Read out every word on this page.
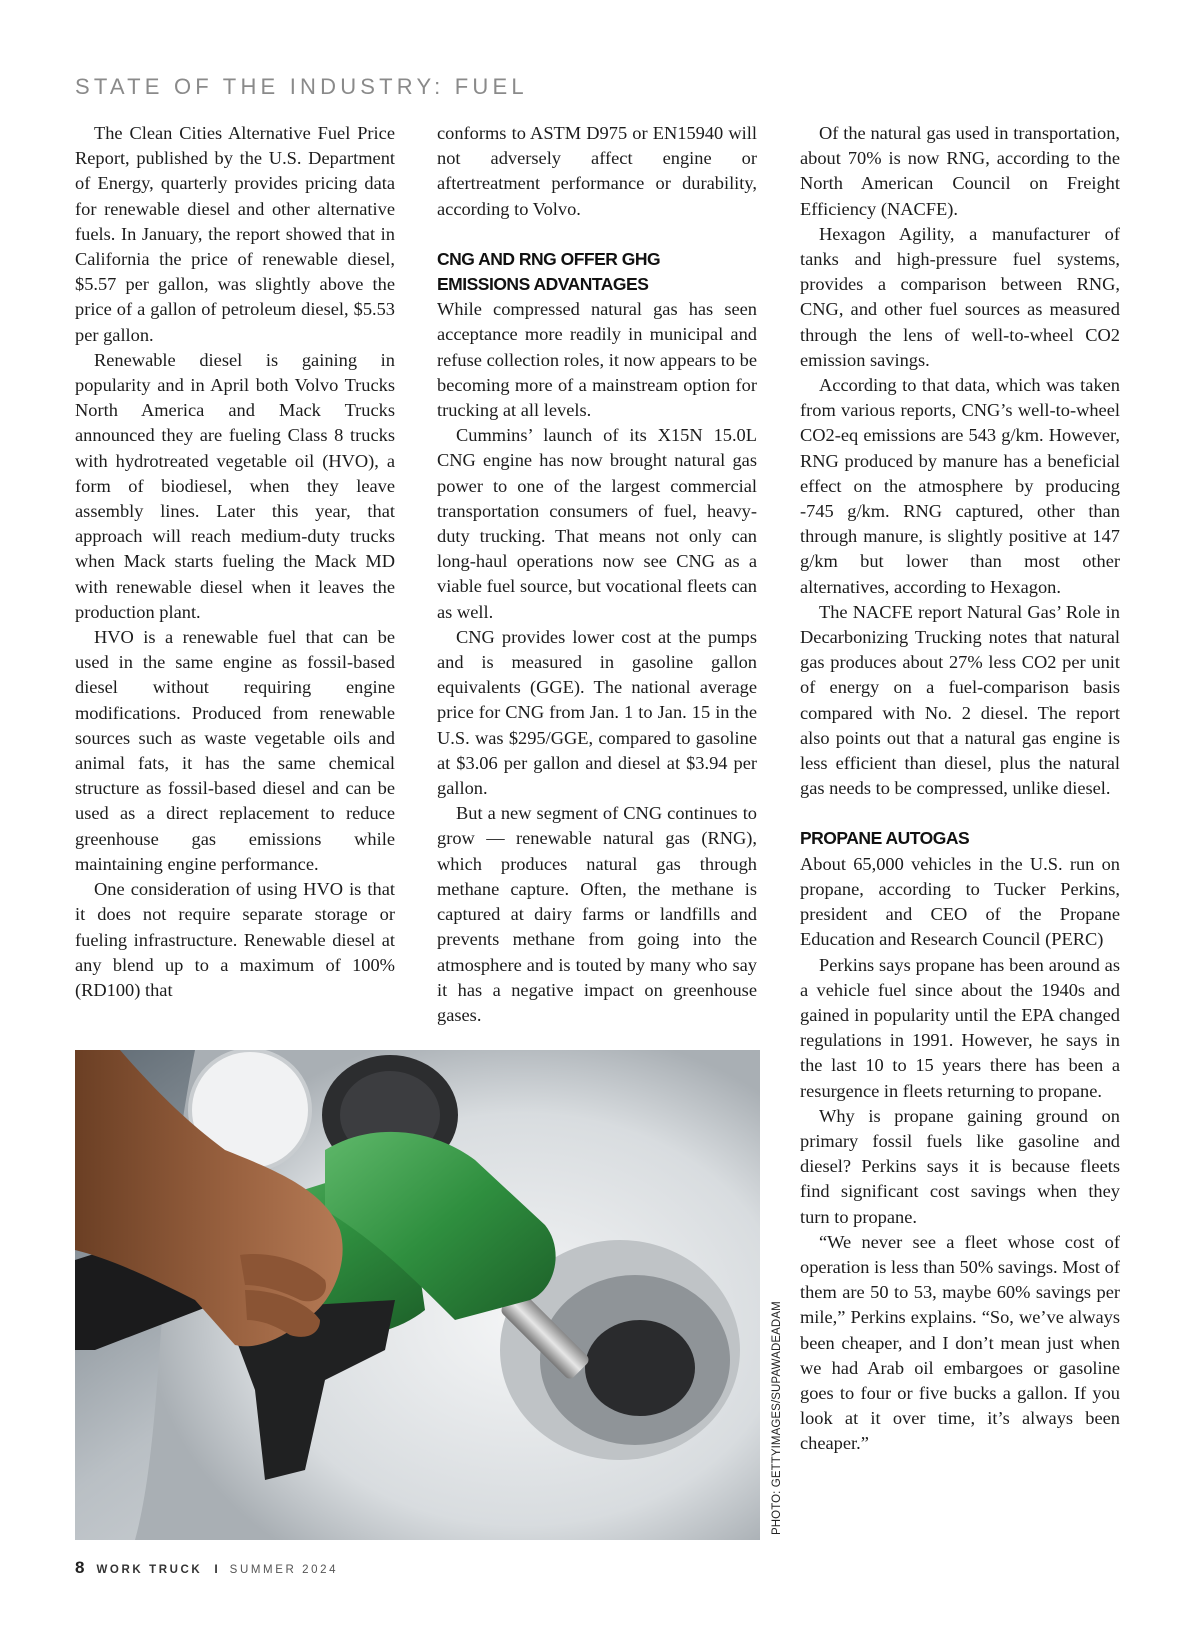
STATE OF THE INDUSTRY: FUEL

The Clean Cities Alternative Fuel Price Report, published by the U.S. Department of Energy, quarterly provides pricing data for renewable diesel and other alternative fuels. In January, the report showed that in California the price of renewable diesel, $5.57 per gallon, was slightly above the price of a gallon of petroleum diesel, $5.53 per gallon.

Renewable diesel is gaining in popularity and in April both Volvo Trucks North America and Mack Trucks announced they are fueling Class 8 trucks with hydrotreated vegetable oil (HVO), a form of biodiesel, when they leave assembly lines. Later this year, that approach will reach medium-duty trucks when Mack starts fueling the Mack MD with renewable diesel when it leaves the production plant.

HVO is a renewable fuel that can be used in the same engine as fossil-based diesel without requiring engine modifications. Produced from renewable sources such as waste vegetable oils and animal fats, it has the same chemical structure as fossil-based diesel and can be used as a direct replacement to reduce greenhouse gas emissions while maintaining engine performance.

One consideration of using HVO is that it does not require separate storage or fueling infrastructure. Renewable diesel at any blend up to a maximum of 100% (RD100) that

conforms to ASTM D975 or EN15940 will not adversely affect engine or aftertreatment performance or durability, according to Volvo.

CNG AND RNG OFFER GHG EMISSIONS ADVANTAGES

While compressed natural gas has seen acceptance more readily in municipal and refuse collection roles, it now appears to be becoming more of a mainstream option for trucking at all levels.

Cummins’ launch of its X15N 15.0L CNG engine has now brought natural gas power to one of the largest commercial transportation consumers of fuel, heavy-duty trucking. That means not only can long-haul operations now see CNG as a viable fuel source, but vocational fleets can as well.

CNG provides lower cost at the pumps and is measured in gasoline gallon equivalents (GGE). The national average price for CNG from Jan. 1 to Jan. 15 in the U.S. was $295/GGE, compared to gasoline at $3.06 per gallon and diesel at $3.94 per gallon.

But a new segment of CNG continues to grow — renewable natural gas (RNG), which produces natural gas through methane capture. Often, the methane is captured at dairy farms or landfills and prevents methane from going into the atmosphere and is touted by many who say it has a negative impact on greenhouse gases.

Of the natural gas used in transportation, about 70% is now RNG, according to the North American Council on Freight Efficiency (NACFE).

Hexagon Agility, a manufacturer of tanks and high-pressure fuel systems, provides a comparison between RNG, CNG, and other fuel sources as measured through the lens of well-to-wheel CO2 emission savings.

According to that data, which was taken from various reports, CNG’s well-to-wheel CO2-eq emissions are 543 g/km. However, RNG produced by manure has a beneficial effect on the atmosphere by producing -745 g/km. RNG captured, other than through manure, is slightly positive at 147 g/km but lower than most other alternatives, according to Hexagon.

The NACFE report Natural Gas’ Role in Decarbonizing Trucking notes that natural gas produces about 27% less CO2 per unit of energy on a fuel-comparison basis compared with No. 2 diesel. The report also points out that a natural gas engine is less efficient than diesel, plus the natural gas needs to be compressed, unlike diesel.

PROPANE AUTOGAS

About 65,000 vehicles in the U.S. run on propane, according to Tucker Perkins, president and CEO of the Propane Education and Research Council (PERC)

Perkins says propane has been around as a vehicle fuel since about the 1940s and gained in popularity until the EPA changed regulations in 1991. However, he says in the last 10 to 15 years there has been a resurgence in fleets returning to propane.

Why is propane gaining ground on primary fossil fuels like gasoline and diesel? Perkins says it is because fleets find significant cost savings when they turn to propane.

“We never see a fleet whose cost of operation is less than 50% savings. Most of them are 50 to 53, maybe 60% savings per mile,” Perkins explains. “So, we’ve always been cheaper, and I don’t mean just when we had Arab oil embargoes or gasoline goes to four or five bucks a gallon. If you look at it over time, it’s always been cheaper.”

PHOTO: GETTYIMAGES/SUPAWADEADAM
8 WORK TRUCK I SUMMER 2024
